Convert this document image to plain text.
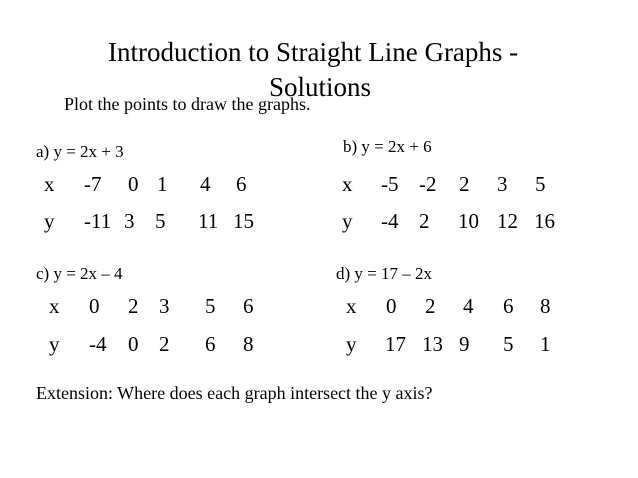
Introduction to Straight Line Graphs -
Solutions
Plot the points to draw the graphs.
a) y = 2x + 3
x -7 0 1 4 6
y -11 3 5 11 15
b) y = 2x + 6
x -5 -2 2 3 5
y -4 2 10 12 16
c) y = 2x – 4
x 0 2 3 5 6
y -4 0 2 6 8
d) y = 17 – 2x
x 0 2 4 6 8
y 17 13 9 5 1
Extension: Where does each graph intersect the y axis?
